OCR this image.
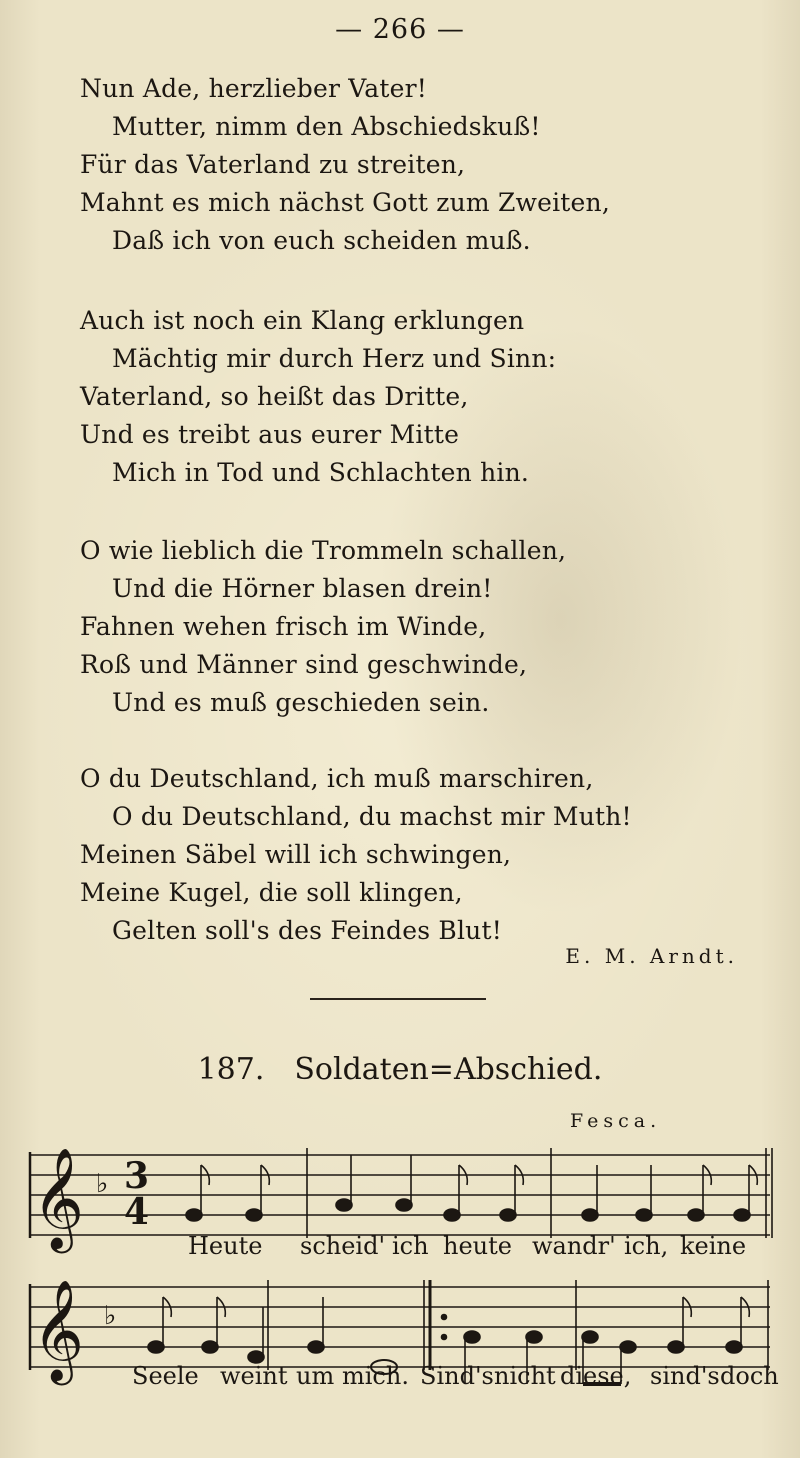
— 266 —
Nun Ade, herzlieber Vater!
Mutter, nimm den Abschiedskuß!
Für das Vaterland zu streiten,
Mahnt es mich nächst Gott zum Zweiten,
Daß ich von euch scheiden muß.
Auch ist noch ein Klang erklungen
Mächtig mir durch Herz und Sinn:
Vaterland, so heißt das Dritte,
Und es treibt aus eurer Mitte
Mich in Tod und Schlachten hin.
O wie lieblich die Trommeln schallen,
Und die Hörner blasen drein!
Fahnen wehen frisch im Winde,
Roß und Männer sind geschwinde,
Und es muß geschieden sein.
O du Deutschland, ich muß marschiren,
O du Deutschland, du machst mir Muth!
Meinen Säbel will ich schwingen,
Meine Kugel, die soll klingen,
Gelten soll's des Feindes Blut!
E. M. Arndt.
187. Soldaten=Abschied.
Fesca.
𝄞 ♭ 3
4
Heute scheid' ich heute wandr' ich, keine
𝄞 ♭
Seele weint um mich. Sind's nicht diese, sind's doch
